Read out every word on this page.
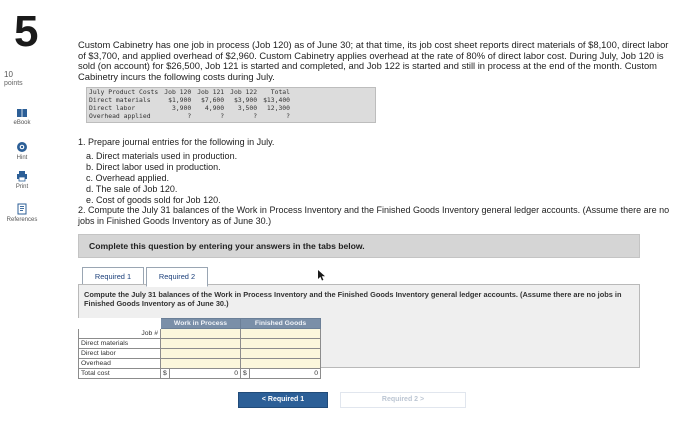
5
10
points
eBook
Hint
Print
References
Custom Cabinetry has one job in process (Job 120) as of June 30; at that time, its job cost sheet reports direct materials of $8,100, direct labor of $3,700, and applied overhead of $2,960. Custom Cabinetry applies overhead at the rate of 80% of direct labor cost. During July, Job 120 is sold (on account) for $26,500, Job 121 is started and completed, and Job 122 is started and still in process at the end of the month. Custom Cabinetry incurs the following costs during July.
July Product Costs	Job 120	Job 121	Job 122	Total
Direct materials	$1,900	$7,600	$3,900	$13,400
Direct labor	3,900	4,900	3,500	12,300
Overhead applied	?	?	?	?
1. Prepare journal entries for the following in July.
a. Direct materials used in production.
b. Direct labor used in production.
c. Overhead applied.
d. The sale of Job 120.
e. Cost of goods sold for Job 120.
2. Compute the July 31 balances of the Work in Process Inventory and the Finished Goods Inventory general ledger accounts. (Assume there are no jobs in Finished Goods Inventory as of June 30.)
Complete this question by entering your answers in the tabs below.
Required 1	Required 2
Compute the July 31 balances of the Work in Process Inventory and the Finished Goods Inventory general ledger accounts. (Assume there are no jobs in Finished Goods Inventory as of June 30.)
	Work in Process		Finished Goods	
Job #				
Direct materials				
Direct labor				
Overhead				
Total cost	$	0	$	0
< Required 1	Required 2 >
